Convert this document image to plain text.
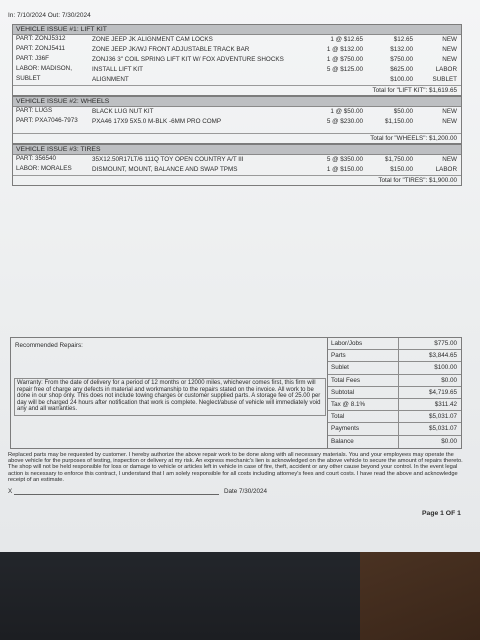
In: 7/10/2024 Out: 7/30/2024
VEHICLE ISSUE #1: LIFT KIT
PART: ZONJ5312	ZONE JEEP JK ALIGNMENT CAM LOCKS	1 @ $12.65	$12.65	NEW
PART: ZONJ5411	ZONE JEEP JK/WJ FRONT ADJUSTABLE TRACK BAR	1 @ $132.00	$132.00	NEW
PART: J36F	ZONJ36 3" COIL SPRING LIFT KIT W/ FOX ADVENTURE SHOCKS	1 @ $750.00	$750.00	NEW
LABOR: MADISON,	INSTALL LIFT KIT	5 @ $125.00	$625.00	LABOR
SUBLET	ALIGNMENT	$100.00	SUBLET
Total for "LIFT KIT": $1,619.65
VEHICLE ISSUE #2: WHEELS
PART: LUGS	BLACK LUG NUT KIT	1 @ $50.00	$50.00	NEW
PART: PXA7046-7973	PXA46 17X9 5X5.0 M-BLK -6MM PRO COMP	5 @ $230.00	$1,150.00	NEW
Total for "WHEELS": $1,200.00
VEHICLE ISSUE #3: TIRES
PART: 356540	35X12.50R17LT/6 111Q TOY OPEN COUNTRY A/T III	5 @ $350.00	$1,750.00	NEW
LABOR: MORALES	DISMOUNT, MOUNT, BALANCE AND SWAP TPMS	1 @ $150.00	$150.00	LABOR
Total for "TIRES": $1,900.00
Recommended Repairs:
Warranty: From the date of delivery for a period of 12 months or 12000 miles, whichever comes first, this firm will repair free of charge any defects in material and workmanship to the repairs stated on the invoice. All work to be done in our shop only. This does not include towing charges or customer supplied parts. A storage fee of 25.00 per day will be charged 24 hours after notification that work is complete. Neglect/abuse of vehicle will immediately void any and all warranties.
Labor/Jobs	$775.00
Parts	$3,844.65
Sublet	$100.00
Total Fees	$0.00
Subtotal	$4,719.65
Tax @ 8.1%	$311.42
Total	$5,031.07
Payments	$5,031.07
Balance	$0.00
Replaced parts may be requested by customer. I hereby authorize the above repair work to be done along with all necessary materials. You and your employees may operate the above vehicle for the purposes of testing, inspection or delivery at my risk. An express mechanic's lien is acknowledged on the above vehicle to secure the amount of repairs thereto. The shop will not be held responsible for loss or damage to vehicle or articles left in vehicle in case of fire, theft, accident or any other cause beyond your control. In the event legal action is necessary to enforce this contract, I understand that I am solely responsible for all costs including attorney's fees and court costs. I have read the above and acknowledge receipt of an estimate.
X	Date 7/30/2024
Page 1 OF 1
